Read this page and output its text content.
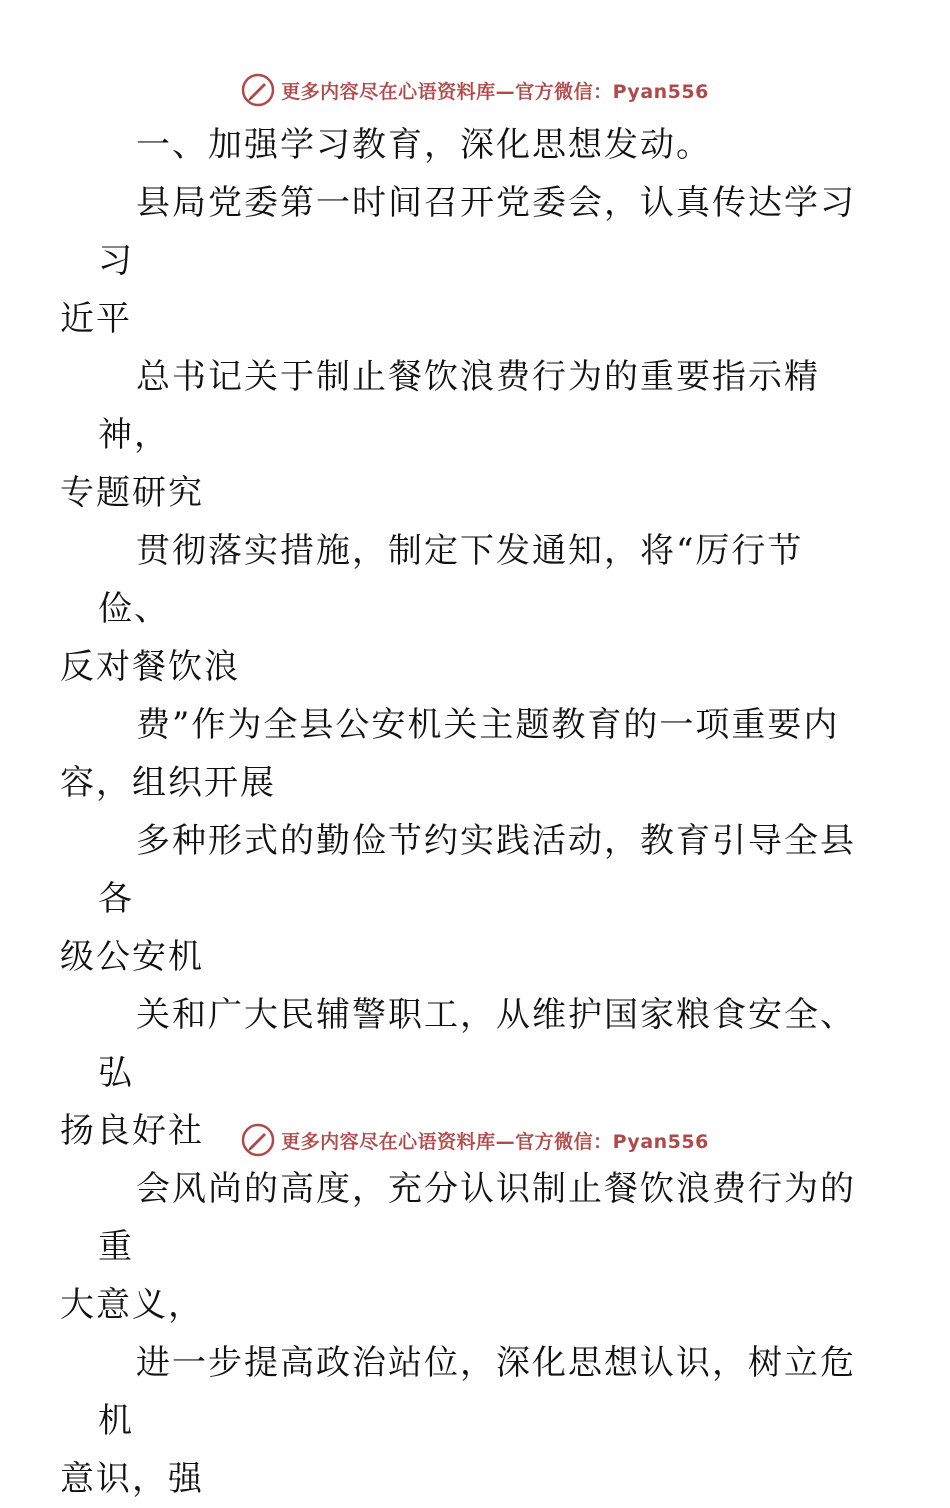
更多内容尽在心语资料库—官方微信：Pyan556

一、加强学习教育，深化思想发动。

县局党委第一时间召开党委会，认真传达学习习
近平

总书记关于制止餐饮浪费行为的重要指示精神，
专题研究

贯彻落实措施，制定下发通知，将“厉行节俭、
反对餐饮浪

费”作为全县公安机关主题教育的一项重要内
容，组织开展

多种形式的勤俭节约实践活动，教育引导全县各
级公安机

关和广大民辅警职工，从维护国家粮食安全、弘
扬良好社

会风尚的高度，充分认识制止餐饮浪费行为的重
大意义，

进一步提高政治站位，深化思想认识，树立危机
意识，强

更多内容尽在心语资料库—官方微信：Pyan556
